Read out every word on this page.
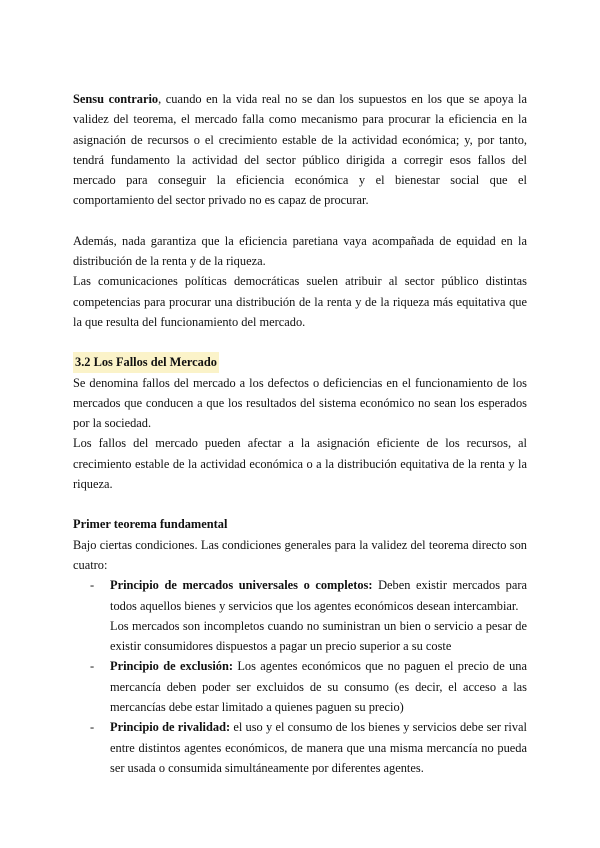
Sensu contrario, cuando en la vida real no se dan los supuestos en los que se apoya la validez del teorema, el mercado falla como mecanismo para procurar la eficiencia en la asignación de recursos o el crecimiento estable de la actividad económica; y, por tanto, tendrá fundamento la actividad del sector público dirigida a corregir esos fallos del mercado para conseguir la eficiencia económica y el bienestar social que el comportamiento del sector privado no es capaz de procurar.

Además, nada garantiza que la eficiencia paretiana vaya acompañada de equidad en la distribución de la renta y de la riqueza.

Las comunicaciones políticas democráticas suelen atribuir al sector público distintas competencias para procurar una distribución de la renta y de la riqueza más equitativa que la que resulta del funcionamiento del mercado.

3.2 Los Fallos del Mercado

Se denomina fallos del mercado a los defectos o deficiencias en el funcionamiento de los mercados que conducen a que los resultados del sistema económico no sean los esperados por la sociedad.

Los fallos del mercado pueden afectar a la asignación eficiente de los recursos, al crecimiento estable de la actividad económica o a la distribución equitativa de la renta y la riqueza.

Primer teorema fundamental

Bajo ciertas condiciones. Las condiciones generales para la validez del teorema directo son cuatro:

- Principio de mercados universales o completos: Deben existir mercados para todos aquellos bienes y servicios que los agentes económicos desean intercambiar.
Los mercados son incompletos cuando no suministran un bien o servicio a pesar de existir consumidores dispuestos a pagar un precio superior a su coste
- Principio de exclusión: Los agentes económicos que no paguen el precio de una mercancía deben poder ser excluidos de su consumo (es decir, el acceso a las mercancías debe estar limitado a quienes paguen su precio)
- Principio de rivalidad: el uso y el consumo de los bienes y servicios debe ser rival entre distintos agentes económicos, de manera que una misma mercancía no pueda ser usada o consumida simultáneamente por diferentes agentes.
